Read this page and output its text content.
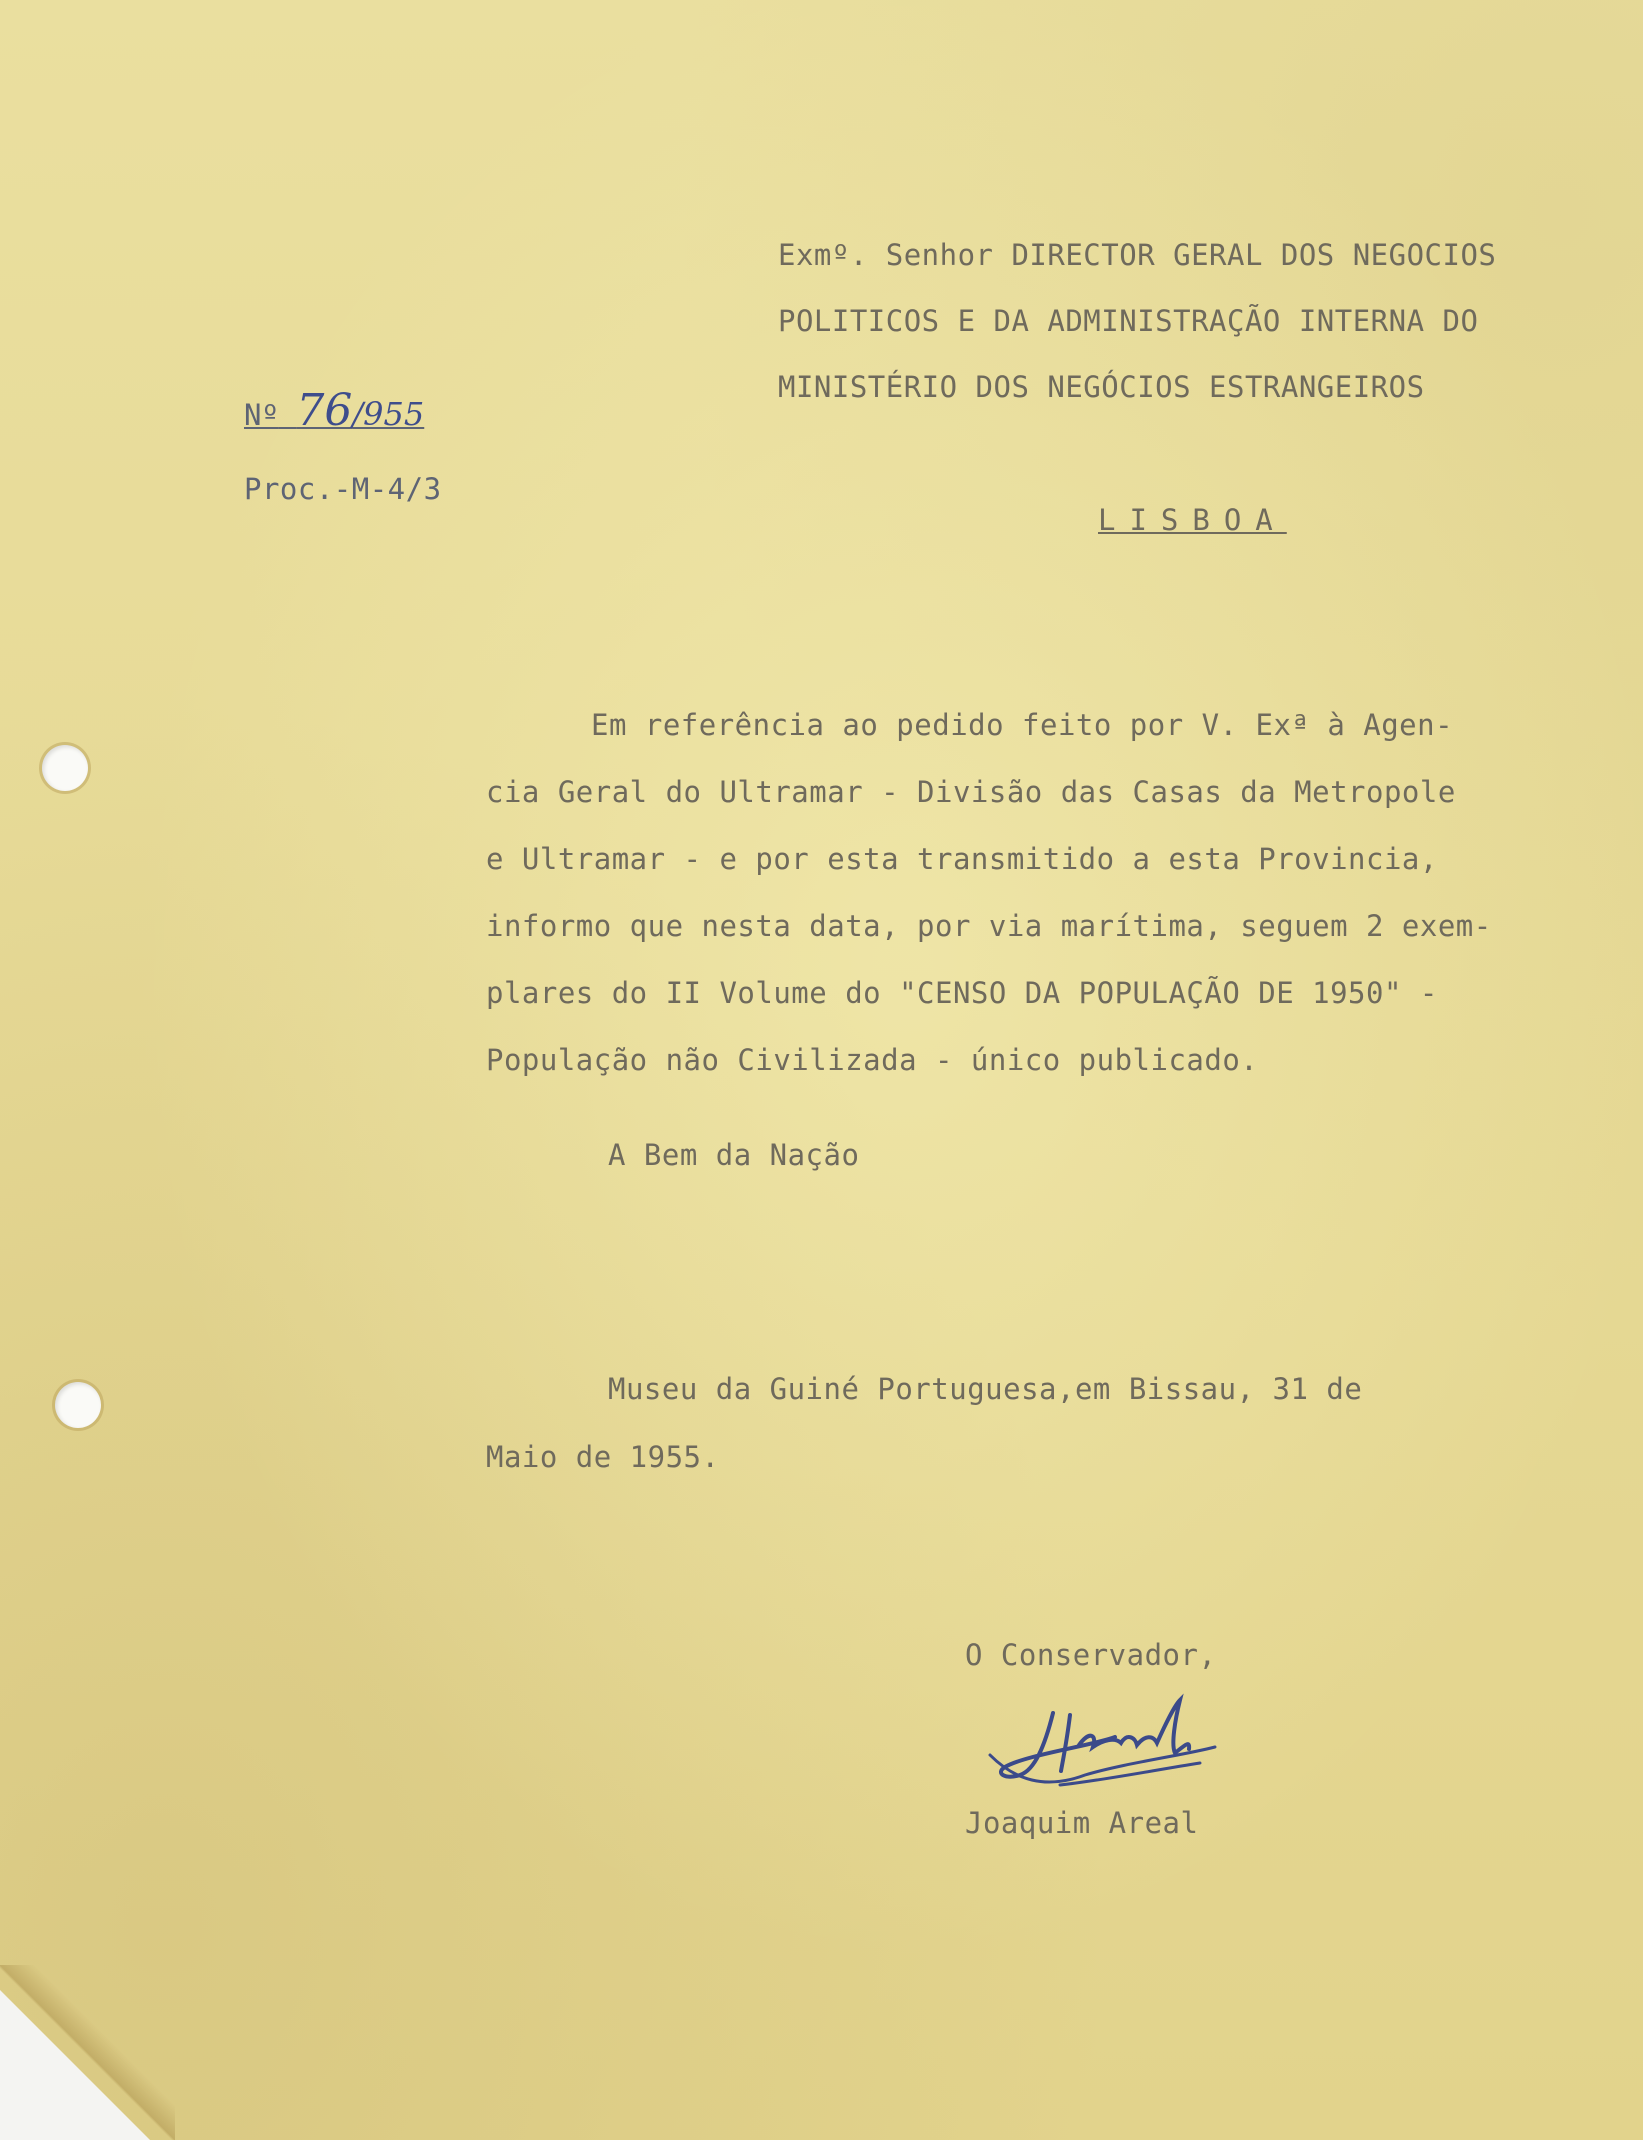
Exmº. Senhor DIRECTOR GERAL DOS NEGOCIOS
POLITICOS E DA ADMINISTRAÇÃO INTERNA DO
MINISTÉRIO DOS NEGÓCIOS ESTRANGEIROS
Nº 76/955

Proc.-M-4/3

LISBOA

Em referência ao pedido feito por V. Exª à Agen-
cia Geral do Ultramar - Divisão das Casas da Metropole
e Ultramar - e por esta transmitido a esta Provincia,
informo que nesta data, por via marítima, seguem 2 exem-
plares do II Volume do "CENSO DA POPULAÇÃO DE 1950" -
População não Civilizada - único publicado.

A Bem da Nação

Museu da Guiné Portuguesa,em Bissau, 31 de

Maio de 1955.

O Conservador,

Joaquim Areal
